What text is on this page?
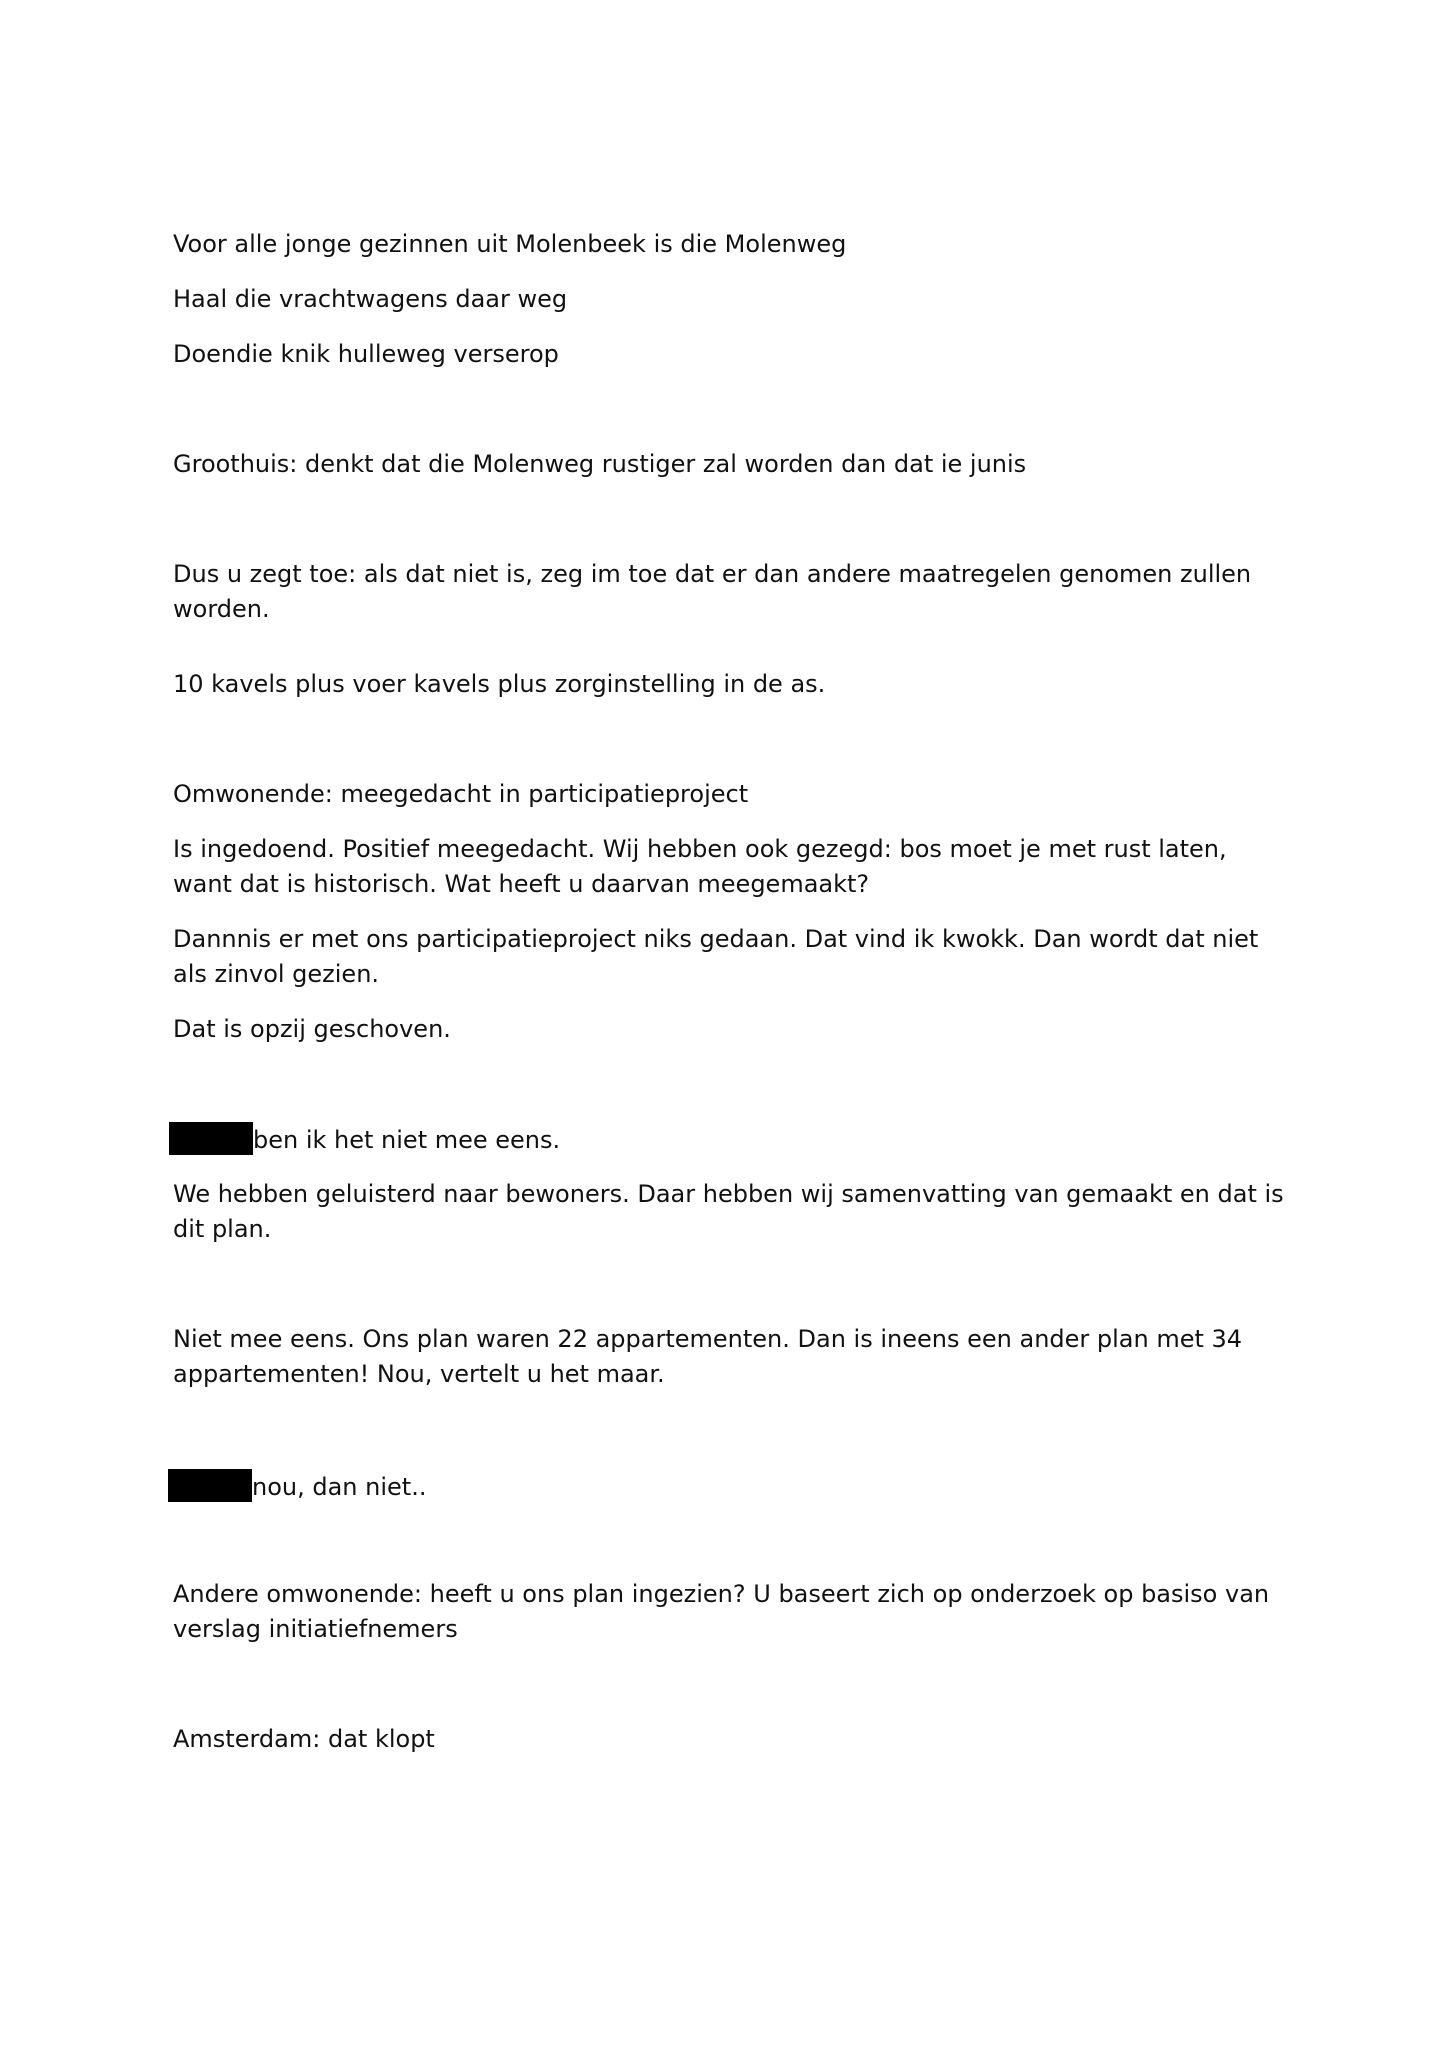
Voor alle jonge gezinnen uit Molenbeek is die Molenweg

Haal die vrachtwagens daar weg

Doendie knik hulleweg verserop

Groothuis: denkt dat die Molenweg rustiger zal worden dan dat ie junis

Dus u zegt toe: als dat niet is, zeg im toe dat er dan andere maatregelen genomen zullen worden.

10 kavels plus voer kavels plus zorginstelling in de as.

Omwonende: meegedacht in participatieproject

Is ingedoend. Positief meegedacht. Wij hebben ook gezegd: bos moet je met rust laten, want dat is historisch. Wat heeft u daarvan meegemaakt?

Dannnis er met ons participatieproject niks gedaan. Dat vind ik kwokk. Dan wordt dat niet als zinvol gezien.

Dat is opzij geschoven.

ben ik het niet mee eens.

We hebben geluisterd naar bewoners. Daar hebben wij samenvatting van gemaakt en dat is dit plan.

Niet mee eens. Ons plan waren 22 appartementen. Dan is ineens een ander plan met 34 appartementen! Nou, vertelt u het maar.

nou, dan niet..

Andere omwonende: heeft u ons plan ingezien? U baseert zich op onderzoek op basiso van verslag initiatiefnemers

Amsterdam: dat klopt
